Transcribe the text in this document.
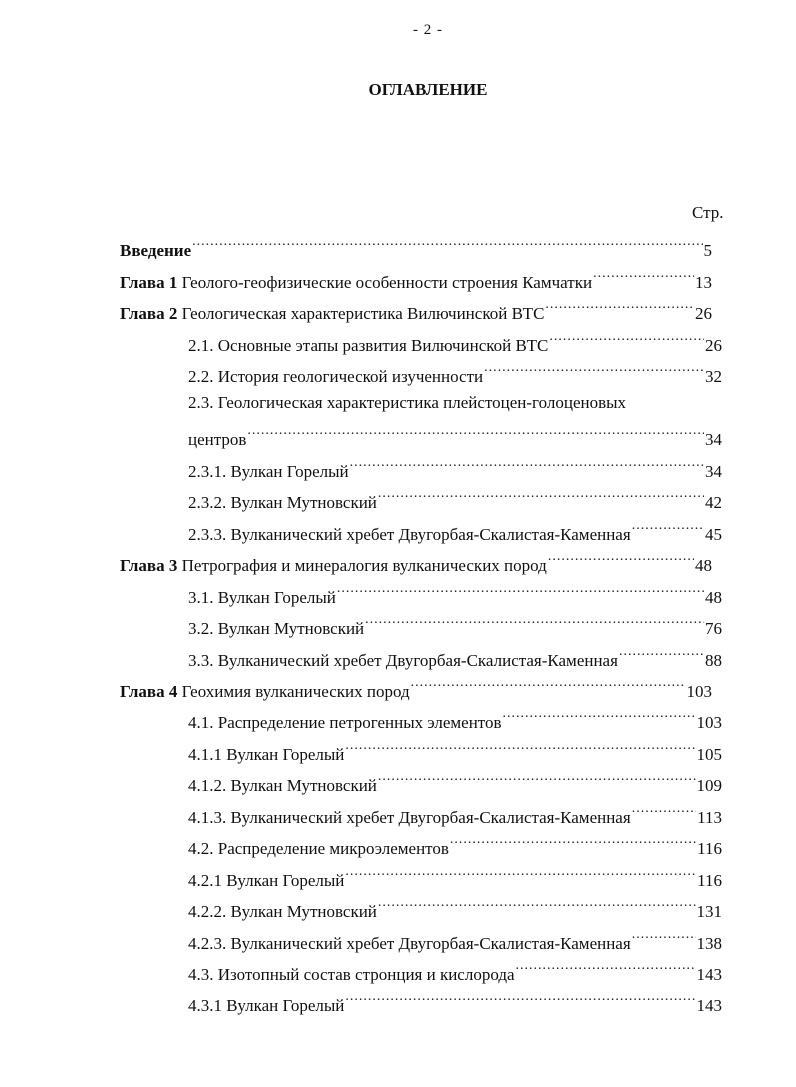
- 2 -
ОГЛАВЛЕНИЕ
Стр.
Введение .....	5
Глава 1 Геолого-геофизические особенности строения Камчатки .....	13
Глава 2 Геологическая характеристика Вилючинской ВТС .....	26
2.1. Основные этапы развития Вилючинской ВТС .....	26
2.2. История геологической изученности .....	32
2.3. Геологическая характеристика плейстоцен-голоценовых
центров .....	34
2.3.1. Вулкан Горелый .....	34
2.3.2. Вулкан Мутновский .....	42
2.3.3. Вулканический хребет Двугорбая-Скалистая-Каменная .....	45
Глава 3 Петрография и минералогия вулканических пород .....	48
3.1. Вулкан Горелый .....	48
3.2. Вулкан Мутновский .....	76
3.3. Вулканический хребет Двугорбая-Скалистая-Каменная .....	88
Глава 4 Геохимия вулканических пород .....	103
4.1. Распределение петрогенных элементов .....	103
4.1.1 Вулкан Горелый .....	105
4.1.2. Вулкан Мутновский .....	109
4.1.3. Вулканический хребет Двугорбая-Скалистая-Каменная .....	113
4.2. Распределение микроэлементов .....	116
4.2.1 Вулкан Горелый .....	116
4.2.2. Вулкан Мутновский .....	131
4.2.3. Вулканический хребет Двугорбая-Скалистая-Каменная .....	138
4.3. Изотопный состав стронция и кислорода .....	143
4.3.1 Вулкан Горелый .....	143
